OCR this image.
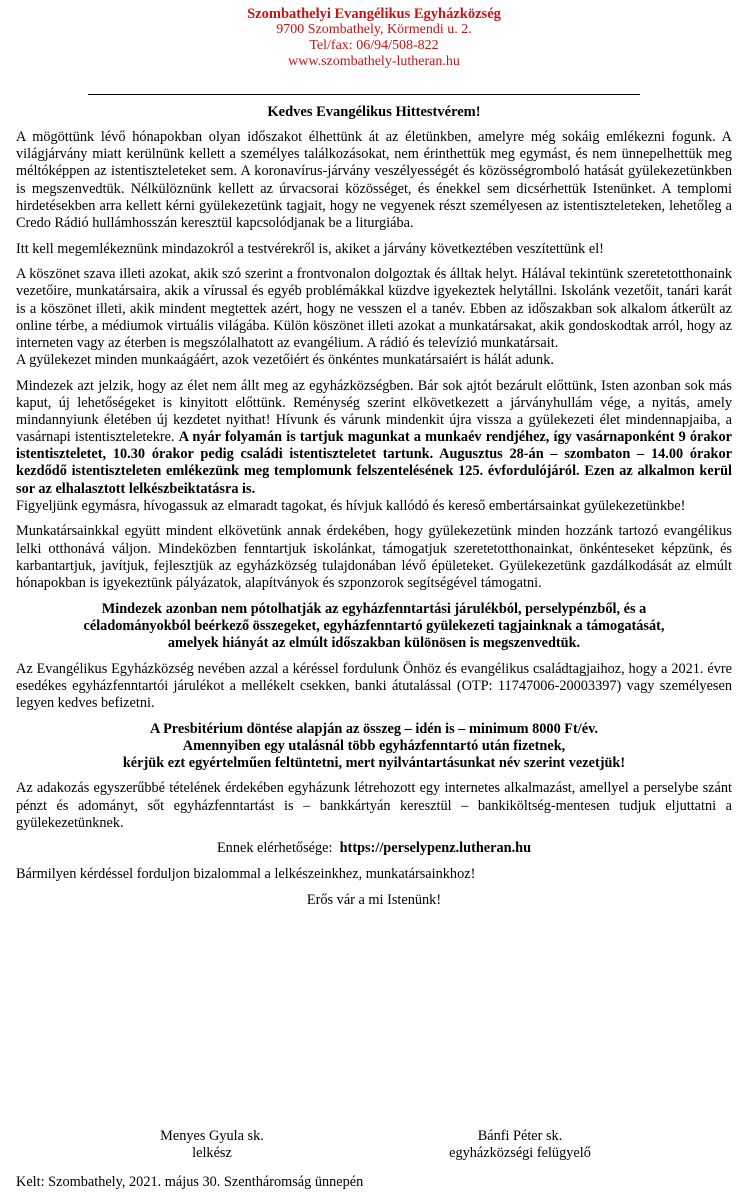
Szombathelyi Evangélikus Egyházközség
9700 Szombathely, Körmendi u. 2.
Tel/fax: 06/94/508-822
www.szombathely-lutheran.hu
Kedves Evangélikus Hittestvérem!

A mögöttünk lévő hónapokban olyan időszakot élhettünk át az életünkben, amelyre még sokáig emlékezni fogunk. A világjárvány miatt kerülnünk kellett a személyes találkozásokat, nem érinthettük meg egymást, és nem ünnepelhettük meg méltóképpen az istentiszteleteket sem. A koronavírus-járvány veszélyességét és közösségromboló hatását gyülekezetünkben is megszenvedtük. Nélkülöznünk kellett az úrvacsorai közösséget, és énekkel sem dicsérhettük Istenünket. A templomi hirdetésekben arra kellett kérni gyülekezetünk tagjait, hogy ne vegyenek részt személyesen az istentiszteleteken, lehetőleg a Credo Rádió hullámhosszán keresztül kapcsolódjanak be a liturgiába.

Itt kell megemlékeznünk mindazokról a testvérekről is, akiket a járvány következtében veszítettünk el!

A köszönet szava illeti azokat, akik szó szerint a frontvonalon dolgoztak és álltak helyt. Hálával tekintünk szeretetotthonaink vezetőire, munkatársaira, akik a vírussal és egyéb problémákkal küzdve igyekeztek helytállni. Iskolánk vezetőit, tanári karát is a köszönet illeti, akik mindent megtettek azért, hogy ne vesszen el a tanév. Ebben az időszakban sok alkalom átkerült az online térbe, a médiumok virtuális világába. Külön köszönet illeti azokat a munkatársakat, akik gondoskodtak arról, hogy az interneten vagy az éterben is megszólalhatott az evangélium. A rádió és televízió munkatársait.
A gyülekezet minden munkaágáért, azok vezetőiért és önkéntes munkatársaiért is hálát adunk.
Mindezek azt jelzik, hogy az élet nem állt meg az egyházközségben. Bár sok ajtót bezárult előttünk, Isten azonban sok más kaput, új lehetőségeket is kinyitott előttünk. Reménység szerint elkövetkezett a járványhullám vége, a nyitás, amely mindannyiunk életében új kezdetet nyithat! Hívunk és várunk mindenkit újra vissza a gyülekezeti élet mindennapjaiba, a vasárnapi istentiszteletekre. A nyár folyamán is tartjuk magunkat a munkaév rendjéhez, így vasárnaponként 9 órakor istentiszteletet, 10.30 órakor pedig családi istentiszteletet tartunk. Augusztus 28-án – szombaton – 14.00 órakor kezdődő istentiszteleten emlékezünk meg templomunk felszentelésének 125. évfordulójáról. Ezen az alkalmon kerül sor az elhalasztott lelkészbeiktatásra is.
Figyeljünk egymásra, hívogassuk az elmaradt tagokat, és hívjuk kallódó és kereső embertársainkat gyülekezetünkbe!

Munkatársainkkal együtt mindent elkövetünk annak érdekében, hogy gyülekezetünk minden hozzánk tartozó evangélikus lelki otthonává váljon. Mindeközben fenntartjuk iskolánkat, támogatjuk szeretetotthonainkat, önkénteseket képzünk, és karbantartjuk, javítjuk, fejlesztjük az egyházközség tulajdonában lévő épületeket. Gyülekezetünk gazdálkodását az elmúlt hónapokban is igyekeztünk pályázatok, alapítványok és szponzorok segítségével támogatni.

Mindezek azonban nem pótolhatják az egyházfenntartási járulékból, perselypénzből, és a
céladományokból beérkező összegeket, egyházfenntartó gyülekezeti tagjainknak a támogatását,
amelyek hiányát az elmúlt időszakban különösen is megszenvedtük.

Az Evangélikus Egyházközség nevében azzal a kéréssel fordulunk Önhöz és evangélikus családtagjaihoz, hogy a 2021. évre esedékes egyházfenntartói járulékot a mellékelt csekken, banki átutalással (OTP: 11747006-20003397) vagy személyesen legyen kedves befizetni.

A Presbitérium döntése alapján az összeg – idén is – minimum 8000 Ft/év.
Amennyiben egy utalásnál több egyházfenntartó után fizetnek,
kérjük ezt egyértelműen feltüntetni, mert nyilvántartásunkat név szerint vezetjük!

Az adakozás egyszerűbbé tételének érdekében egyházunk létrehozott egy internetes alkalmazást, amellyel a perselybe szánt pénzt és adományt, sőt egyházfenntartást is – bankkártyán keresztül – bankiköltség-mentesen tudjuk eljuttatni a gyülekezetünknek.

Ennek elérhetősége: https://perselypenz.lutheran.hu

Bármilyen kérdéssel forduljon bizalommal a lelkészeinkhez, munkatársainkhoz!

Erős vár a mi Istenünk!
Menyes Gyula sk.
lelkész
Bánfi Péter sk.
egyházközségi felügyelő
Kelt: Szombathely, 2021. május 30. Szentháromság ünnepén
